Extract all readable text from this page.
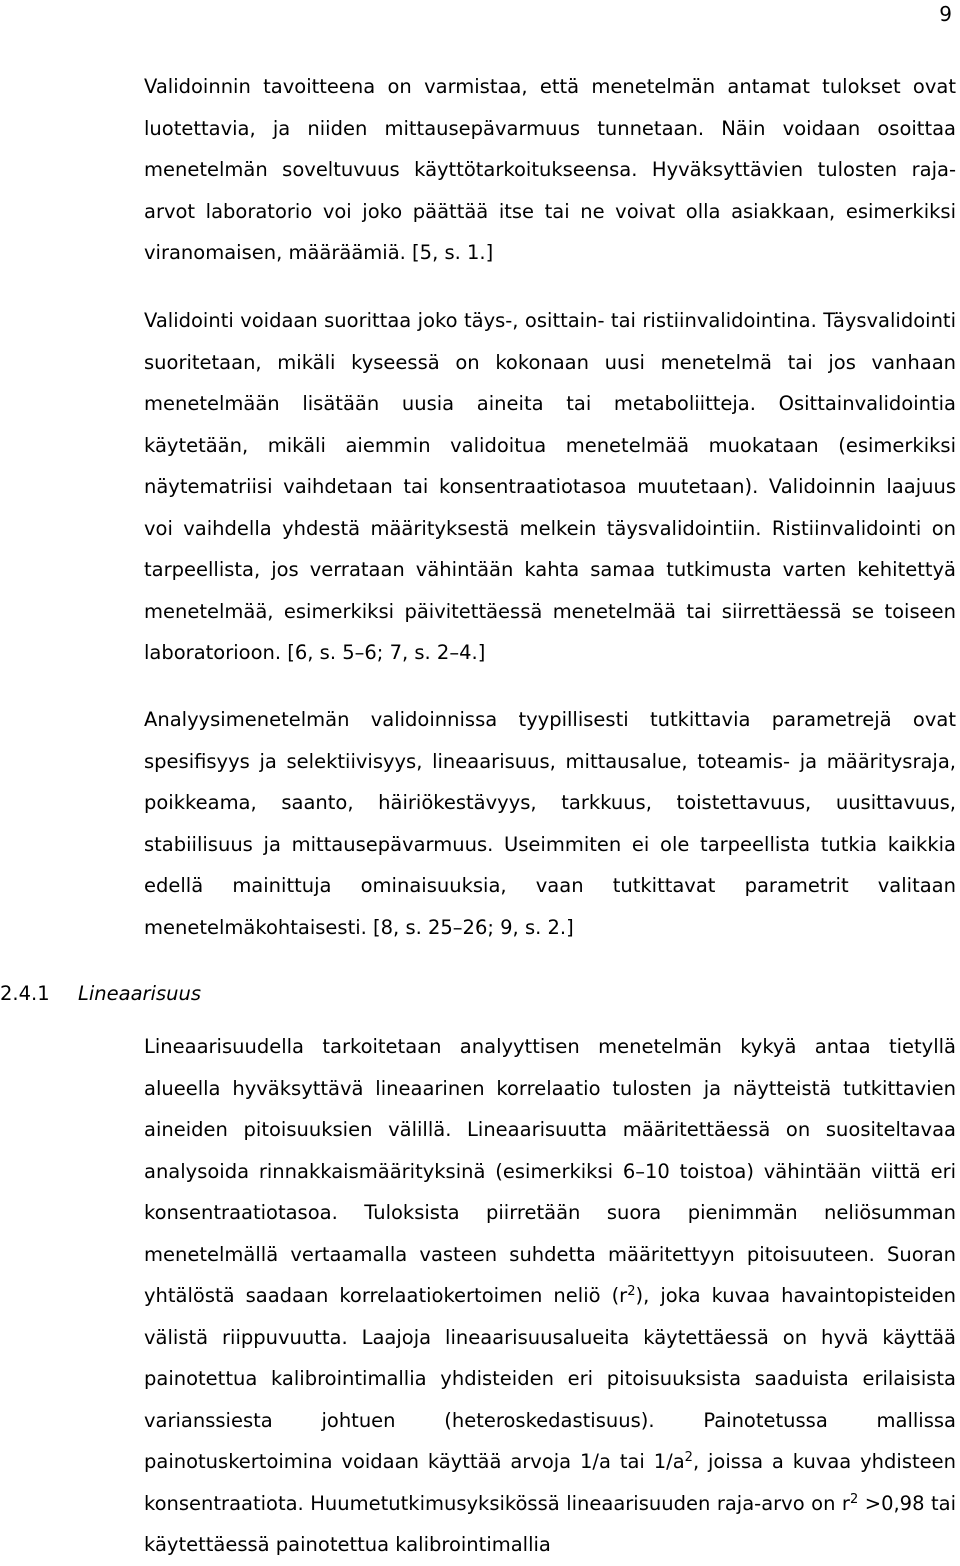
9

Validoinnin tavoitteena on varmistaa, että menetelmän antamat tulokset ovat luotettavia, ja niiden mittausepävarmuus tunnetaan. Näin voidaan osoittaa menetelmän soveltuvuus käyttötarkoitukseensa. Hyväksyttävien tulosten raja-arvot laboratorio voi joko päättää itse tai ne voivat olla asiakkaan, esimerkiksi viranomaisen, määräämiä. [5, s. 1.]

Validointi voidaan suorittaa joko täys-, osittain- tai ristiinvalidointina. Täysvalidointi suoritetaan, mikäli kyseessä on kokonaan uusi menetelmä tai jos vanhaan menetelmään lisätään uusia aineita tai metaboliitteja. Osittainvalidointia käytetään, mikäli aiemmin validoitua menetelmää muokataan (esimerkiksi näytematriisi vaihdetaan tai konsentraatiotasoa muutetaan). Validoinnin laajuus voi vaihdella yhdestä määrityksestä melkein täysvalidointiin. Ristiinvalidointi on tarpeellista, jos verrataan vähintään kahta samaa tutkimusta varten kehitettyä menetelmää, esimerkiksi päivitettäessä menetelmää tai siirrettäessä se toiseen laboratorioon. [6, s. 5–6; 7, s. 2–4.]

Analyysimenetelmän validoinnissa tyypillisesti tutkittavia parametrejä ovat spesifisyys ja selektiivisyys, lineaarisuus, mittausalue, toteamis- ja määritysraja, poikkeama, saanto, häiriökestävyys, tarkkuus, toistettavuus, uusittavuus, stabiilisuus ja mittausepävarmuus. Useimmiten ei ole tarpeellista tutkia kaikkia edellä mainittuja ominaisuuksia, vaan tutkittavat parametrit valitaan menetelmäkohtaisesti. [8, s. 25–26; 9, s. 2.]

2.4.1 Lineaarisuus

Lineaarisuudella tarkoitetaan analyyttisen menetelmän kykyä antaa tietyllä alueella hyväksyttävä lineaarinen korrelaatio tulosten ja näytteistä tutkittavien aineiden pitoisuuksien välillä. Lineaarisuutta määritettäessä on suositeltavaa analysoida rinnakkaismäärityksinä (esimerkiksi 6–10 toistoa) vähintään viittä eri konsentraatiotasoa. Tuloksista piirretään suora pienimmän neliösumman menetelmällä vertaamalla vasteen suhdetta määritettyyn pitoisuuteen. Suoran yhtälöstä saadaan korrelaatiokertoimen neliö $(r^2)$, joka kuvaa havaintopisteiden välistä riippuvuutta. Laajoja lineaarisuusalueita käytettäessä on hyvä käyttää painotettua kalibrointimallia yhdisteiden eri pitoisuuksista saaduista erilaisista varianssiesta johtuen (heteroskedastisuus). Painotetussa mallissa painotuskertoimina voidaan käyttää arvoja 1/a tai $1/a^2$, joissa a kuvaa yhdisteen konsentraatiota. Huumetutkimusyksikössä lineaarisuuden raja-arvo on $r^2 >0,98$ tai käytettäessä painotettua kalibrointimallia
